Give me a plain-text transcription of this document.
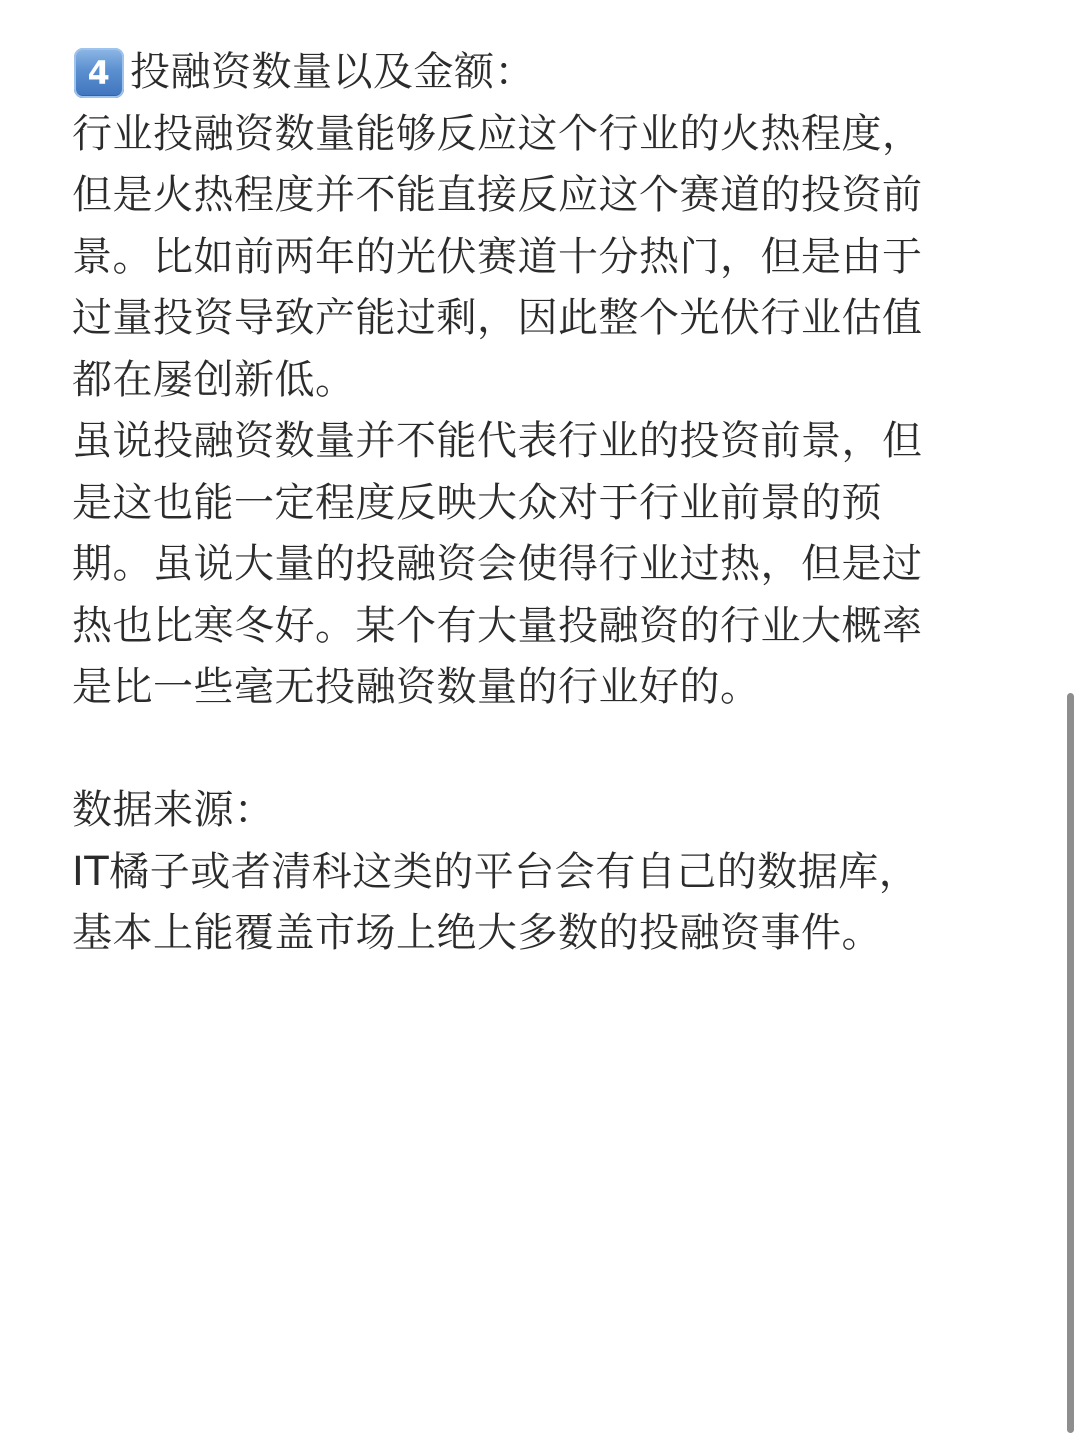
4 投融资数量以及金额：
行业投融资数量能够反应这个行业的火热程度，
但是火热程度并不能直接反应这个赛道的投资前
景。比如前两年的光伏赛道十分热门，但是由于
过量投资导致产能过剩，因此整个光伏行业估值
都在屡创新低。
虽说投融资数量并不能代表行业的投资前景，但
是这也能一定程度反映大众对于行业前景的预
期。虽说大量的投融资会使得行业过热，但是过
热也比寒冬好。某个有大量投融资的行业大概率
是比一些毫无投融资数量的行业好的。
数据来源：
IT橘子或者清科这类的平台会有自己的数据库，
基本上能覆盖市场上绝大多数的投融资事件。
